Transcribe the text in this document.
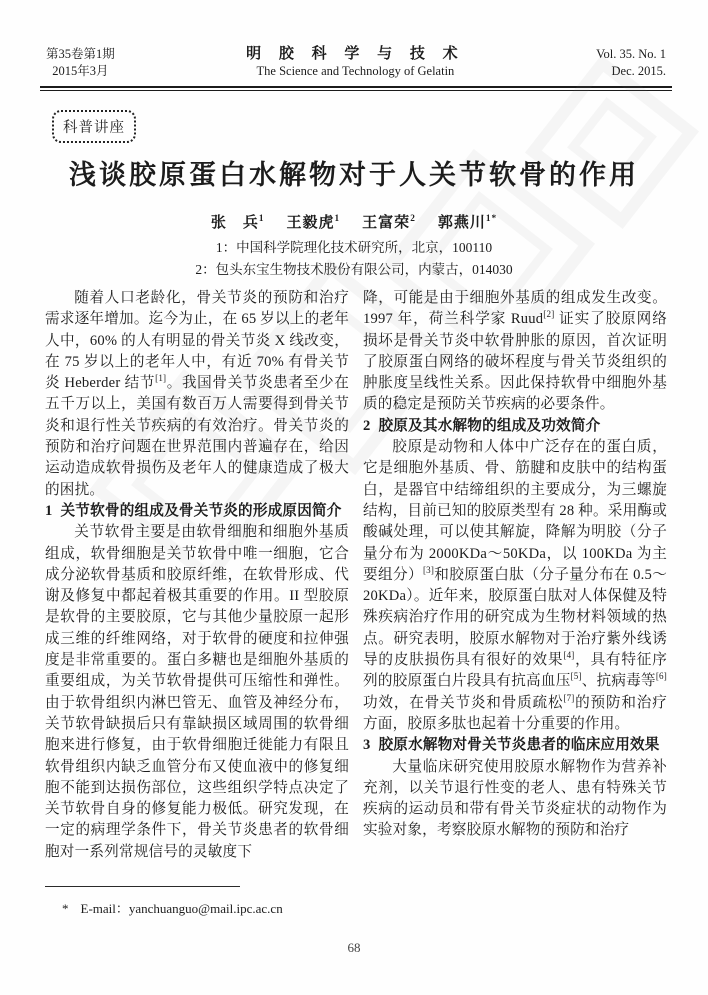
第35卷第1期
2015年3月
明 胶 科 学 与 技 术
The Science and Technology of Gelatin
Vol. 35. No. 1
Dec. 2015.
科普讲座
浅谈胶原蛋白水解物对于人关节软骨的作用
张　兵$^1$ 王毅虎$^1$ 王富荣$^2$ 郭燕川$^{1*}$
1：中国科学院理化技术研究所，北京，100110
2：包头东宝生物技术股份有限公司，内蒙古，014030
随着人口老龄化，骨关节炎的预防和治疗需求逐年增加。迄今为止，在 65 岁以上的老年人中，60% 的人有明显的骨关节炎 X 线改变，在 75 岁以上的老年人中，有近 70% 有骨关节炎 Heberder 结节[1]。我国骨关节炎患者至少在五千万以上，美国有数百万人需要得到骨关节炎和退行性关节疾病的有效治疗。骨关节炎的预防和治疗问题在世界范围内普遍存在，给因运动造成软骨损伤及老年人的健康造成了极大的困扰。
1 关节软骨的组成及骨关节炎的形成原因简介
关节软骨主要是由软骨细胞和细胞外基质组成，软骨细胞是关节软骨中唯一细胞，它合成分泌软骨基质和胶原纤维，在软骨形成、代谢及修复中都起着极其重要的作用。II 型胶原是软骨的主要胶原，它与其他少量胶原一起形成三维的纤维网络，对于软骨的硬度和拉伸强度是非常重要的。蛋白多糖也是细胞外基质的重要组成，为关节软骨提供可压缩性和弹性。由于软骨组织内淋巴管无、血管及神经分布，关节软骨缺损后只有靠缺损区域周围的软骨细胞来进行修复，由于软骨细胞迁徙能力有限且软骨组织内缺乏血管分布又使血液中的修复细胞不能到达损伤部位，这些组织学特点决定了关节软骨自身的修复能力极低。研究发现，在一定的病理学条件下，骨关节炎患者的软骨细胞对一系列常规信号的灵敏度下
降，可能是由于细胞外基质的组成发生改变。1997 年，荷兰科学家 Ruud[2] 证实了胶原网络损坏是骨关节炎中软骨肿胀的原因，首次证明了胶原蛋白网络的破坏程度与骨关节炎组织的肿胀度呈线性关系。因此保持软骨中细胞外基质的稳定是预防关节疾病的必要条件。
2 胶原及其水解物的组成及功效简介
胶原是动物和人体中广泛存在的蛋白质，它是细胞外基质、骨、筋腱和皮肤中的结构蛋白，是器官中结缔组织的主要成分，为三螺旋结构，目前已知的胶原类型有 28 种。采用酶或酸碱处理，可以使其解旋，降解为明胶（分子量分布为 2000KDa～50KDa，以 100KDa 为主要组分）[3]和胶原蛋白肽（分子量分布在 0.5～20KDa）。近年来，胶原蛋白肽对人体保健及特殊疾病治疗作用的研究成为生物材料领域的热点。研究表明，胶原水解物对于治疗紫外线诱导的皮肤损伤具有很好的效果[4]，具有特征序列的胶原蛋白片段具有抗高血压[5]、抗病毒等[6]功效，在骨关节炎和骨质疏松[7]的预防和治疗方面，胶原多肽也起着十分重要的作用。
3 胶原水解物对骨关节炎患者的临床应用效果
大量临床研究使用胶原水解物作为营养补充剂，以关节退行性变的老人、患有特殊关节疾病的运动员和带有骨关节炎症状的动物作为实验对象，考察胶原水解物的预防和治疗
* E-mail：yanchuanguo@mail.ipc.ac.cn
68
